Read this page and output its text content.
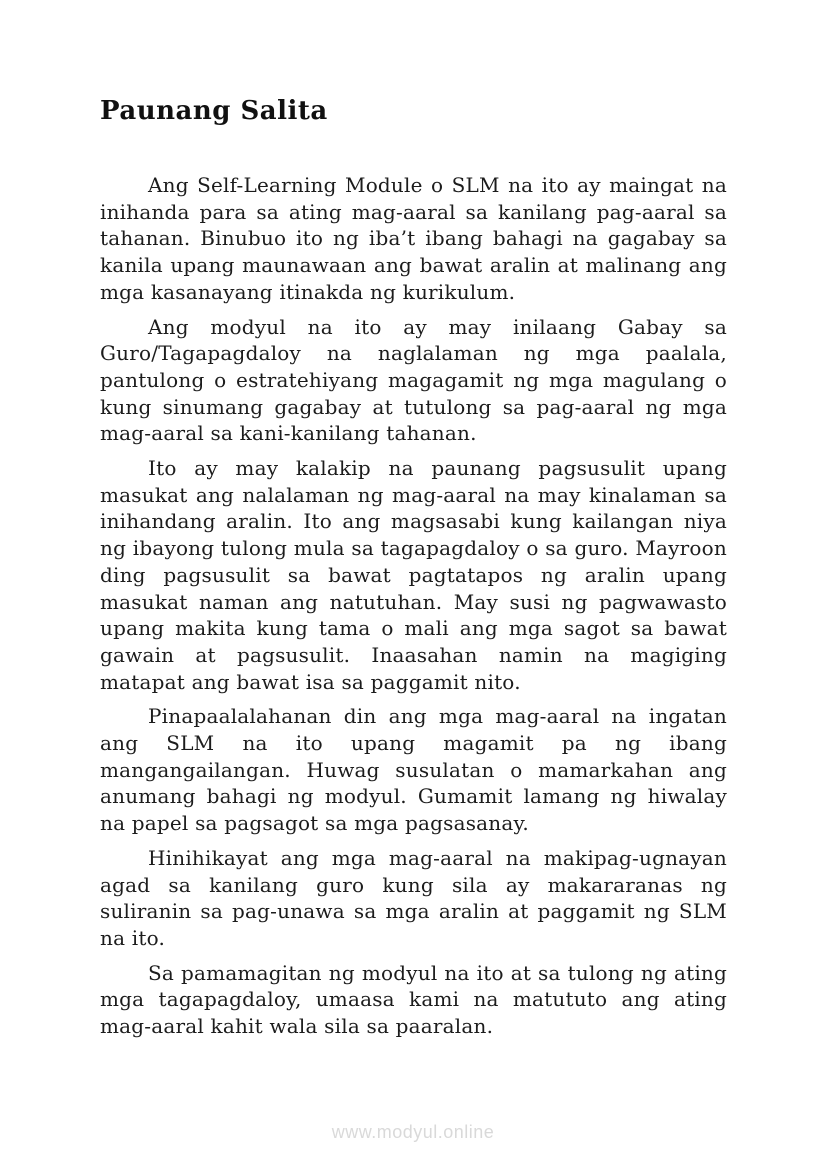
Paunang Salita

Ang Self-Learning Module o SLM na ito ay maingat na inihanda para sa ating mag-aaral sa kanilang pag-aaral sa tahanan. Binubuo ito ng iba’t ibang bahagi na gagabay sa kanila upang maunawaan ang bawat aralin at malinang ang mga kasanayang itinakda ng kurikulum.

Ang modyul na ito ay may inilaang Gabay sa Guro/Tagapagdaloy na naglalaman ng mga paalala, pantulong o estratehiyang magagamit ng mga magulang o kung sinumang gagabay at tutulong sa pag-aaral ng mga mag-aaral sa kani-kanilang tahanan.

Ito ay may kalakip na paunang pagsusulit upang masukat ang nalalaman ng mag-aaral na may kinalaman sa inihandang aralin. Ito ang magsasabi kung kailangan niya ng ibayong tulong mula sa tagapagdaloy o sa guro. Mayroon ding pagsusulit sa bawat pagtatapos ng aralin upang masukat naman ang natutuhan. May susi ng pagwawasto upang makita kung tama o mali ang mga sagot sa bawat gawain at pagsusulit. Inaasahan namin na magiging matapat ang bawat isa sa paggamit nito.

Pinapaalalahanan din ang mga mag-aaral na ingatan ang SLM na ito upang magamit pa ng ibang mangangailangan. Huwag susulatan o mamarkahan ang anumang bahagi ng modyul. Gumamit lamang ng hiwalay na papel sa pagsagot sa mga pagsasanay.

Hinihikayat ang mga mag-aaral na makipag-ugnayan agad sa kanilang guro kung sila ay makararanas ng suliranin sa pag-unawa sa mga aralin at paggamit ng SLM na ito.

Sa pamamagitan ng modyul na ito at sa tulong ng ating mga tagapagdaloy, umaasa kami na matututo ang ating mag-aaral kahit wala sila sa paaralan.

www.modyul.online
